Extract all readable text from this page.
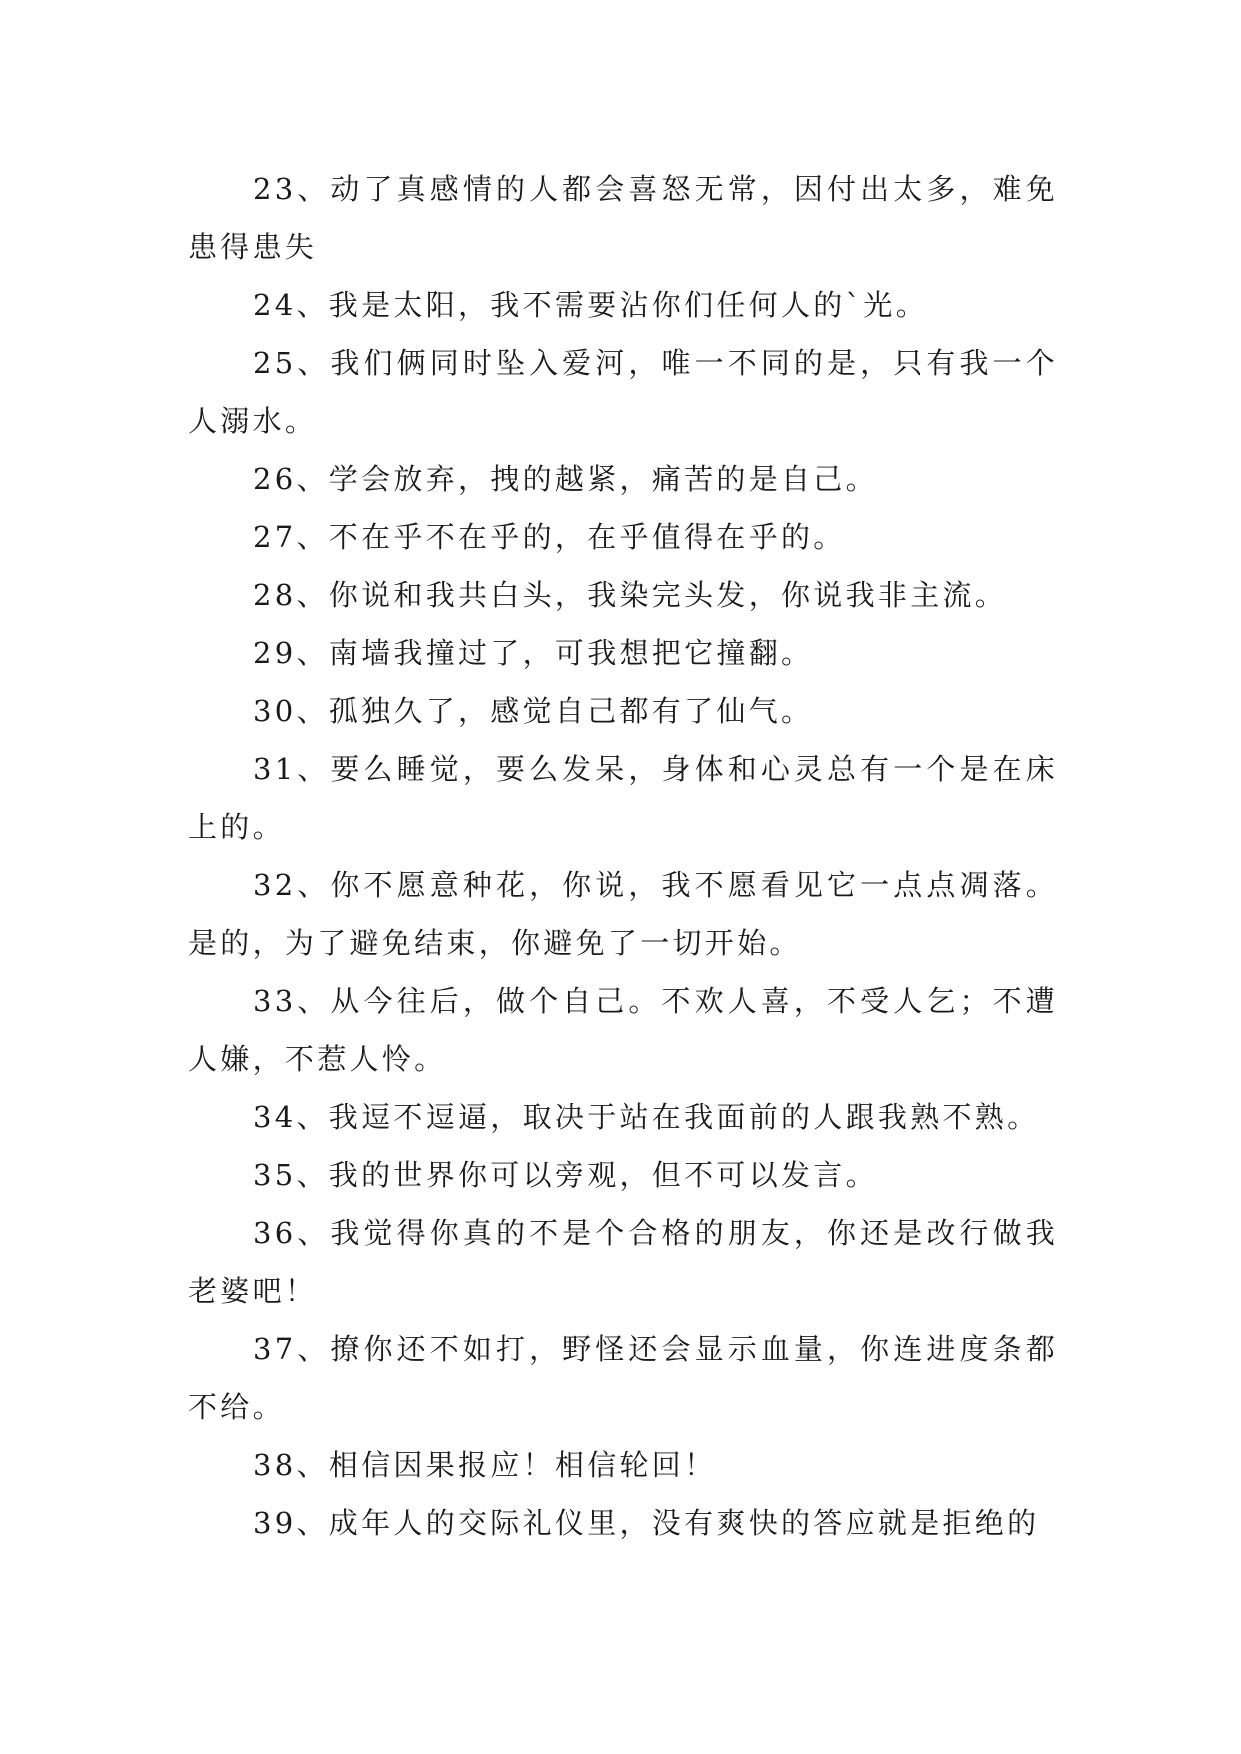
23、动了真感情的人都会喜怒无常，因付出太多，难免患得患失

24、我是太阳，我不需要沾你们任何人的`光。

25、我们俩同时坠入爱河，唯一不同的是，只有我一个人溺水。

26、学会放弃，拽的越紧，痛苦的是自己。

27、不在乎不在乎的，在乎值得在乎的。

28、你说和我共白头，我染完头发，你说我非主流。

29、南墙我撞过了，可我想把它撞翻。

30、孤独久了，感觉自己都有了仙气。

31、要么睡觉，要么发呆，身体和心灵总有一个是在床上的。

32、你不愿意种花，你说，我不愿看见它一点点凋落。是的，为了避免结束，你避免了一切开始。

33、从今往后，做个自己。不欢人喜，不受人乞；不遭人嫌，不惹人怜。

34、我逗不逗逼，取决于站在我面前的人跟我熟不熟。

35、我的世界你可以旁观，但不可以发言。

36、我觉得你真的不是个合格的朋友，你还是改行做我老婆吧！

37、撩你还不如打，野怪还会显示血量，你连进度条都不给。

38、相信因果报应！相信轮回！

39、成年人的交际礼仪里，没有爽快的答应就是拒绝的
